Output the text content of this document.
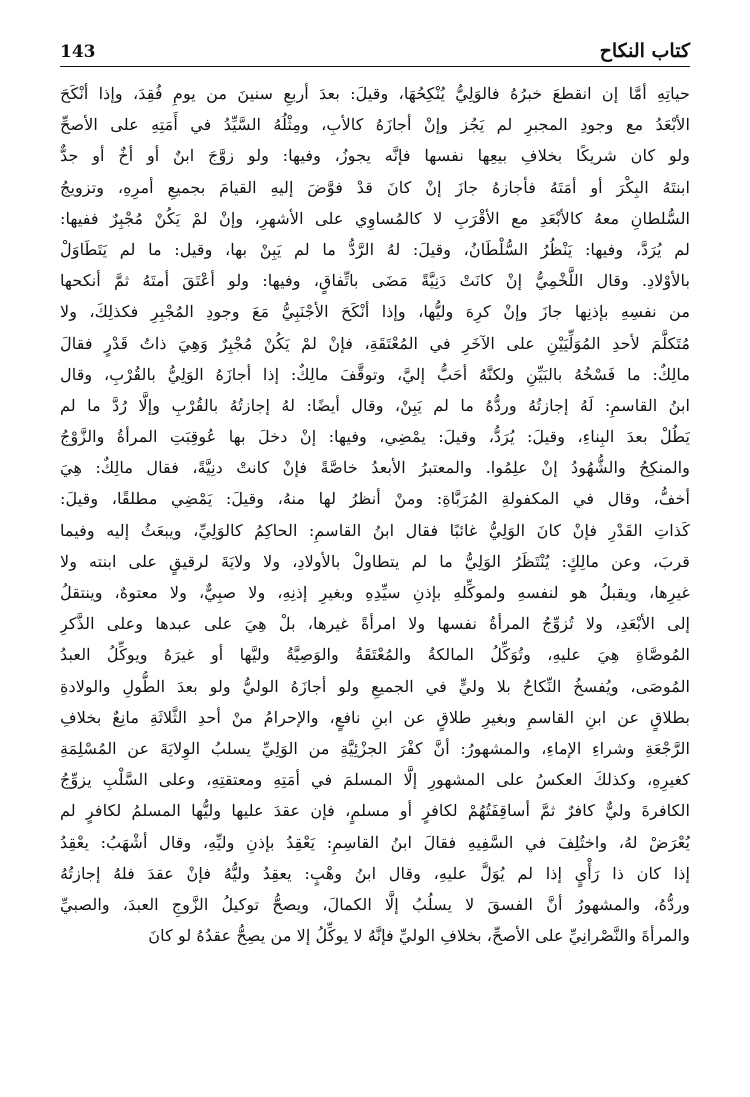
كتاب النكاح
143
حياتِهِ أمَّا إن انقطعَ خبرُهُ فالوَلِيُّ يُنْكِحُهَا، وقيلَ: بعدَ أربعِ سنينَ من يومِ فُقِدَ، وإذا أنْكَحَ
الأبْعَدُ مع وجودِ المجبرِ لم يَجُز وإنْ أجازَهُ كالأبِ، ومِثْلُهُ السَّيِّدُ في أَمَتِهِ على الأصحِّ
ولو كان شريكًا بخلافِ بيعِها نفسها فإنَّه يجوزُ، وفيها: ولو زوَّجَ ابنٌ أو أخٌ أو جدٌّ
ابنتَهُ البِكْرَ أو أمَتَهُ فأجازهُ جازَ إنْ كانَ قدْ فوَّضَ إليهِ القيامَ بجميعِ أمرِهِ، وتزويجُ
السُّلطانِ معهُ كالأبْعَدِ مع الأقْرَبِ لا كالمُساوِي على الأشهرِ، وإنْ لمْ يَكُنْ مُجْبِرٌ ففيها:
لم يُرَدَّ، وفيها: يَنْظُرُ السُّلْطَانُ، وقيلَ: لهُ الرَّدُّ ما لم يَبِنْ بها، وقيل: ما لم يَتَطَاوَلْ
بالأوْلادِ. وقال اللَّخْمِيُّ إنْ كانَتْ دَنِيَّةً مَضَى باتِّفاقٍ، وفيها: ولو أعْتَقَ أمتَهُ ثمَّ أنكحها
من نفسِهِ بإذنِها جازَ وإنْ كرِهَ وليُّها، وإذا أنْكَحَ الأجْنَبِيُّ مَعَ وجودِ المُجْبِرِ فكذلِكَ، ولا
مُتَكلَّمَ لأحدِ المُوَلِّيَيْنِ على الآخَرِ في المُعْتَقَةِ، فإنْ لمْ يَكُنْ مُجْبِرٌ وَهِيَ ذاتُ قَدْرٍ فقالَ
مالِكٌ: ما فَسْخُهُ بالبَيِّنِ ولكنَّهُ أحَبُّ إليَّ، وتوقَّفَ مالِكٌ: إذا أجازَهُ الوَلِيُّ بالقُرْبِ، وقال
ابنُ القاسمِ: لَهُ إجازتُهُ وردُّهُ ما لم يَبِنْ، وقال أيضًا: لهُ إجازتُهُ بالقُرْبِ وإلَّا رُدَّ ما لم
يَطُلْ بعدَ البِناءِ، وقيلَ: يُرَدُّ، وقيلَ: يمْضِي، وفيها: إنْ دخلَ بها عُوقِبَتِ المرأةُ والزَّوْجُ
والمنكِحُ والشُّهُودُ إنْ علِمُوا. والمعتبرُ الأبعدُ خاصَّةً فإنْ كانتْ دنِيَّةً، فقال مالِكٌ: هِيَ
أخفُّ، وقال في المكفولةِ المُرَبَّاةِ: ومنْ أنظرُ لها منهُ، وقيلَ: يَمْضِي مطلقًا، وقيلَ:
كَذاتِ القَدْرِ فإنْ كانَ الوَلِيُّ غائبًا فقال ابنُ القاسمِ: الحاكِمُ كالوَلِيِّ، ويبعَثُ إليه وفيما
قربَ، وعن مالِكٍ: يُنْتَظَرُ الوَلِيُّ ما لم يتطاولْ بالأولادِ، ولا ولايَةَ لرقيقٍ على ابنته ولا
غيرِها، ويقبلُ هو لنفسهِ ولموكِّلهِ بإذنِ سيِّدِهِ وبغيرِ إذنِهِ، ولا صبِيٌّ، ولا معتوهٌ، وينتقلُ
إلى الأبْعَدِ، ولا تُزوِّجُ المرأةُ نفسها ولا امرأةً غيرها، بلْ هِيَ على عبدها وعلى الذَّكرِ
المُوصَّاةِ هِيَ عليهِ، وتُوَكِّلُ المالكةُ والمُعْتَقَةُ والوَصِيَّةُ وليَّها أو غيرَهُ ويوكِّلُ العبدُ
المُوصَى، ويُفسخُ النِّكاحُ بلا وليٍّ في الجميعِ ولو أجازَهُ الوليُّ ولو بعدَ الطُّولِ والولادةِ
بطلاقٍ عن ابنِ القاسمِ وبغيرِ طلاقٍ عن ابنِ نافعٍ، والإحرامُ منْ أحدِ الثَّلاثَةِ مانِعٌ بخلافِ
الرَّجْعَةِ وشراءِ الإماءِ، والمشهورُ: أنَّ كفْرَ الجزْئِيَّةِ من الوَلِيِّ يسلبُ الوِلايَةَ عن المُسْلِمَةِ
كغيرِهِ، وكذلكَ العكسُ على المشهورِ إلَّا المسلمَ في أمَتِهِ ومعتقتِهِ، وعلى السَّلْبِ يزوِّجُ
الكافرةَ وليٌّ كافرٌ ثمَّ أساقِفَتُهُمْ لكافرٍ أو مسلمٍ، فإن عقدَ عليها وليُّها المسلمُ لكافرٍ لم
يُعْرَضْ لهُ، واختُلِفَ في السَّفِيهِ فقالَ ابنُ القاسِمِ: يَعْقِدُ بإذنِ وليِّهِ، وقال أشْهَبُ: يعْقِدُ
إذا كان ذا رَأْيٍ إذا لم يُوَلَّ عليهِ، وقال ابنُ وهْبٍ: يعقِدُ وليُّهُ فإنْ عقدَ فلهُ إجازتُهُ
وردُّهُ، والمشهورُ أنَّ الفسقَ لا يسلُبُ إلَّا الكمالَ، ويصحُّ توكيلُ الزَّوجِ العبدَ، والصبيِّ
والمرأةَ والنَّصْرانِيِّ على الأصحِّ، بخلافِ الوليِّ فإنَّهُ لا يوكِّلُ إلا من يصِحُّ عقدُهُ لو كانَ
